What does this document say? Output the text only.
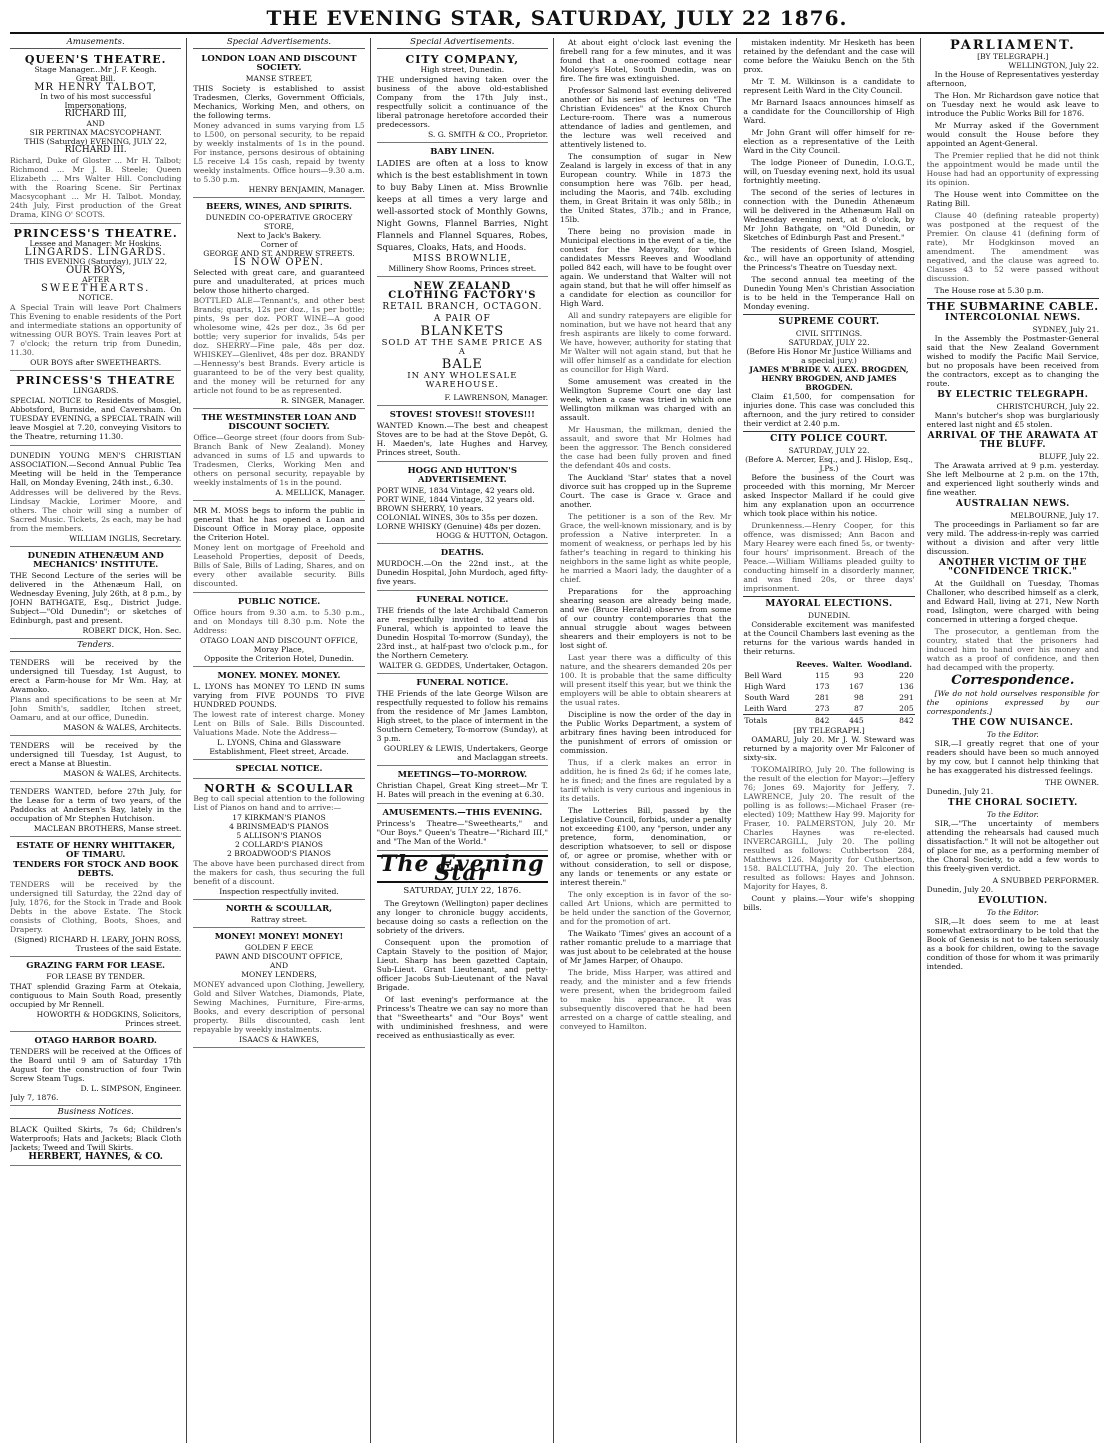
THE EVENING STAR, SATURDAY, JULY 22 1876.
Amusements.
QUEEN'S THEATRE.
Stage Manager...Mr J. F. Keogh.
Great Bill.
MR HENRY TALBOT,
In two of his most successful Impersonations,
RICHARD III,
AND
SIR PERTINAX MACSYCOPHANT.
THIS (Saturday) EVENING, JULY 22,
RICHARD III.

Richard, Duke of Gloster ... Mr H. Talbot; Richmond ... Mr J. B. Steele; Queen Elizabeth ... Mrs Walter Hill. Concluding with the Roaring Scene. Sir Pertinax Macsycophant ... Mr H. Talbot. Monday, 24th July, First production of the Great Drama, KING O' SCOTS.

PRINCESS'S THEATRE.
Lessee and Manager: Mr Hoskins.
LINGARDS. LINGARDS.
THIS EVENING (Saturday), JULY 22,
OUR BOYS,
AFTER
SWEETHEARTS.
NOTICE.

A Special Train will leave Port Chalmers This Evening to enable residents of the Port and intermediate stations an opportunity of witnessing OUR BOYS. Train leaves Port at 7 o'clock; the return trip from Dunedin, 11.30.

OUR BOYS after SWEETHEARTS.
PRINCESS'S THEATRE
LINGARDS.

SPECIAL NOTICE to Residents of Mosgiel, Abbotsford, Burnside, and Caversham. On TUESDAY EVENING, a SPECIAL TRAIN will leave Mosgiel at 7.20, conveying Visitors to the Theatre, returning 11.30.

DUNEDIN YOUNG MEN'S CHRISTIAN ASSOCIATION.—Second Annual Public Tea Meeting will be held in the Temperance Hall, on Monday Evening, 24th inst., 6.30.

Addresses will be delivered by the Revs. Lindsay Mackie, Lorimer Moore, and others. The choir will sing a number of Sacred Music. Tickets, 2s each, may be had from the members.

WILLIAM INGLIS, Secretary.
DUNEDIN ATHENÆUM AND MECHANICS' INSTITUTE.

THE Second Lecture of the series will be delivered in the Athenæum Hall, on Wednesday Evening, July 26th, at 8 p.m., by JOHN BATHGATE, Esq., District Judge. Subject—"Old Dunedin"; or sketches of Edinburgh, past and present.

ROBERT DICK, Hon. Sec.
Tenders.

TENDERS will be received by the undersigned till Tuesday, 1st August, to erect a Farm-house for Mr Wm. Hay, at Awamoko.

Plans and specifications to be seen at Mr John Smith's, saddler, Itchen street, Oamaru, and at our office, Dunedin.

MASON & WALES, Architects.

TENDERS will be received by the undersigned till Tuesday, 1st August, to erect a Manse at Bluestin.

MASON & WALES, Architects.

TENDERS WANTED, before 27th July, for the Lease for a term of two years, of the Paddocks at Andersen's Bay, lately in the occupation of Mr Stephen Hutchison.

MACLEAN BROTHERS, Manse street.
ESTATE OF HENRY WHITTAKER, OF TIMARU.
TENDERS FOR STOCK AND BOOK DEBTS.

TENDERS will be received by the undersigned till Saturday, the 22nd day of July, 1876, for the Stock in Trade and Book Debts in the above Estate. The Stock consists of Clothing, Boots, Shoes, and Drapery.

(Signed) RICHARD H. LEARY, JOHN ROSS, Trustees of the said Estate.
GRAZING FARM FOR LEASE.
FOR LEASE BY TENDER.

THAT splendid Grazing Farm at Otekaia, contiguous to Main South Road, presently occupied by Mr Rennell.

HOWORTH & HODGKINS, Solicitors, Princes street.
OTAGO HARBOR BOARD.

TENDERS will be received at the Offices of the Board until 9 am of Saturday 17th August for the construction of four Twin Screw Steam Tugs.

D. L. SIMPSON, Engineer.
July 7, 1876.
Business Notices.

BLACK Quilted Skirts, 7s 6d; Children's Waterproofs; Hats and Jackets; Black Cloth Jackets; Tweed and Twill Skirts.

HERBERT, HAYNES, & CO.
Special Advertisements.
LONDON LOAN AND DISCOUNT SOCIETY.
MANSE STREET,

THIS Society is established to assist Tradesmen, Clerks, Government Officials, Mechanics, Working Men, and others, on the following terms.

Money advanced in sums varying from L5 to L500, on personal security, to be repaid by weekly instalments of 1s in the pound. For instance, persons desirous of obtaining L5 receive L4 15s cash, repaid by twenty weekly instalments. Office hours—9.30 a.m. to 5.30 p.m.

HENRY BENJAMIN, Manager.
BEERS, WINES, AND SPIRITS.
DUNEDIN CO-OPERATIVE GROCERY STORE,
Next to Jack's Bakery.
Corner of
GEORGE AND ST. ANDREW STREETS.
IS NOW OPEN.

Selected with great care, and guaranteed pure and unadulterated, at prices much below those hitherto charged.

BOTTLED ALE—Tennant's, and other best Brands; quarts, 12s per doz., 1s per bottle; pints, 9s per doz. PORT WINE—A good wholesome wine, 42s per doz., 3s 6d per bottle; very superior for invalids, 54s per doz. SHERRY—Fine pale, 48s per doz. WHISKEY—Glenlivet, 48s per doz. BRANDY—Hennessy's best Brands. Every article is guaranteed to be of the very best quality, and the money will be returned for any article not found to be as represented.

R. SINGER, Manager.
THE WESTMINSTER LOAN AND DISCOUNT SOCIETY.

Office—George street (four doors from Sub-Branch Bank of New Zealand). Money advanced in sums of L5 and upwards to Tradesmen, Clerks, Working Men and others on personal security, repayable by weekly instalments of 1s in the pound.

A. MELLICK, Manager.

MR M. MOSS begs to inform the public in general that he has opened a Loan and Discount Office in Moray place, opposite the Criterion Hotel.

Money lent on mortgage of Freehold and Leasehold Properties, deposit of Deeds, Bills of Sale, Bills of Lading, Shares, and on every other available security. Bills discounted.

PUBLIC NOTICE.

Office hours from 9.30 a.m. to 5.30 p.m., and on Mondays till 8.30 p.m. Note the Address:

OTAGO LOAN AND DISCOUNT OFFICE,
Moray Place,
Opposite the Criterion Hotel, Dunedin.
MONEY. MONEY. MONEY.

L. LYONS has MONEY TO LEND IN sums varying from FIVE POUNDS TO FIVE HUNDRED POUNDS.

The lowest rate of interest charge. Money Lent on Bills of Sale. Bills Discounted. Valuations Made. Note the Address—

L. LYONS, China and Glassware Establishment, Fleet street, Arcade.
SPECIAL NOTICE.
NORTH & SCOULLAR

Beg to call special attention to the following List of Pianos on hand and to arrive:—

17 KIRKMAN'S PIANOS
4 BRINSMEAD'S PIANOS
5 ALLISON'S PIANOS
2 COLLARD'S PIANOS
2 BROADWOOD'S PIANOS

The above have been purchased direct from the makers for cash, thus securing the full benefit of a discount.

Inspection respectfully invited.
NORTH & SCOULLAR,
Rattray street.
MONEY! MONEY! MONEY!
GOLDEN F EECE
PAWN AND DISCOUNT OFFICE,
AND
MONEY LENDERS,

MONEY advanced upon Clothing, Jewellery, Gold and Silver Watches, Diamonds, Plate, Sewing Machines, Furniture, Fire-arms, Books, and every description of personal property. Bills discounted, cash lent repayable by weekly instalments.

ISAACS & HAWKES,
Special Advertisements.
CITY COMPANY,
High street, Dunedin.

THE undersigned having taken over the business of the above old-established Company from the 17th July inst., respectfully solicit a continuance of the liberal patronage heretofore accorded their predecessors.

S. G. SMITH & CO., Proprietor.
BABY LINEN.

LADIES are often at a loss to know which is the best establishment in town to buy Baby Linen at. Miss Brownlie keeps at all times a very large and well-assorted stock of Monthly Gowns, Night Gowns, Flannel Barries, Night Flannels and Flannel Squares, Robes, Squares, Cloaks, Hats, and Hoods.

MISS BROWNLIE,
Millinery Show Rooms, Princes street.
NEW ZEALAND CLOTHING FACTORY'S
RETAIL BRANCH, OCTAGON.
A PAIR OF
BLANKETS
SOLD AT THE SAME PRICE AS A
BALE
IN ANY WHOLESALE WAREHOUSE.
F. LAWRENSON, Manager.
STOVES! STOVES!! STOVES!!!

WANTED Known.—The best and cheapest Stoves are to be had at the Stove Depôt, G. H. Maeden's, late Hughes and Harvey, Princes street, South.

HOGG AND HUTTON'S ADVERTISEMENT.
PORT WINE, 1834 Vintage, 42 years old.
PORT WINE, 1844 Vintage, 32 years old.
BROWN SHERRY, 10 years.
COLONIAL WINES, 30s to 35s per dozen.
LORNE WHISKY (Genuine) 48s per dozen.
HOGG & HUTTON, Octagon.
DEATHS.

MURDOCH.—On the 22nd inst., at the Dunedin Hospital, John Murdoch, aged fifty-five years.

FUNERAL NOTICE.

THE friends of the late Archibald Cameron are respectfully invited to attend his Funeral, which is appointed to leave the Dunedin Hospital To-morrow (Sunday), the 23rd inst., at half-past two o'clock p.m., for the Northern Cemetery.

WALTER G. GEDDES, Undertaker, Octagon.
FUNERAL NOTICE.

THE Friends of the late George Wilson are respectfully requested to follow his remains from the residence of Mr James Lambton, High street, to the place of interment in the Southern Cemetery, To-morrow (Sunday), at 3 p.m.

GOURLEY & LEWIS, Undertakers, George and Maclaggan streets.
MEETINGS—TO-MORROW.

Christian Chapel, Great King street—Mr T. H. Bates will preach in the evening at 6.30.

AMUSEMENTS.—THIS EVENING.

Princess's Theatre—"Sweethearts," and "Our Boys." Queen's Theatre—"Richard III," and "The Man of the World."

The Evening Star
SATURDAY, JULY 22, 1876.

The Greytown (Wellington) paper declines any longer to chronicle buggy accidents, because doing so casts a reflection on the sobriety of the drivers.

Consequent upon the promotion of Captain Stavely to the position of Major, Lieut. Sharp has been gazetted Captain, Sub-Lieut. Grant Lieutenant, and petty-officer Jacobs Sub-Lieutenant of the Naval Brigade.

Of last evening's performance at the Princess's Theatre we can say no more than that "Sweethearts" and "Our Boys" went with undiminished freshness, and were received as enthusiastically as ever.

At about eight o'clock last evening the firebell rang for a few minutes, and it was found that a one-roomed cottage near Moloney's Hotel, South Dunedin, was on fire. The fire was extinguished.

Professor Salmond last evening delivered another of his series of lectures on "The Christian Evidences" at the Knox Church Lecture-room. There was a numerous attendance of ladies and gentlemen, and the lecture was well received and attentively listened to.

The consumption of sugar in New Zealand is largely in excess of that in any European country. While in 1873 the consumption here was 76lb. per head, including the Maoris, and 74lb. excluding them, in Great Britain it was only 58lb.; in the United States, 37lb.; and in France, 15lb.

There being no provision made in Municipal elections in the event of a tie, the contest for the Mayoralty, for which candidates Messrs Reeves and Woodland polled 842 each, will have to be fought over again. We understand that Walter will not again stand, but that he will offer himself as a candidate for election as councillor for High Ward.

All and sundry ratepayers are eligible for nomination, but we have not heard that any fresh aspirants are likely to come forward. We have, however, authority for stating that Mr Walter will not again stand, but that he will offer himself as a candidate for election as councillor for High Ward.

Some amusement was created in the Wellington Supreme Court one day last week, when a case was tried in which one Wellington milkman was charged with an assault.

Mr Hausman, the milkman, denied the assault, and swore that Mr Holmes had been the aggressor. The Bench considered the case had been fully proven and fined the defendant 40s and costs.

The Auckland 'Star' states that a novel divorce suit has cropped up in the Supreme Court. The case is Grace v. Grace and another.

The petitioner is a son of the Rev. Mr Grace, the well-known missionary, and is by profession a Native interpreter. In a moment of weakness, or perhaps led by his father's teaching in regard to thinking his neighbors in the same light as white people, he married a Maori lady, the daughter of a chief.

Preparations for the approaching shearing season are already being made, and we (Bruce Herald) observe from some of our country contemporaries that the annual struggle about wages between shearers and their employers is not to be lost sight of.

Last year there was a difficulty of this nature, and the shearers demanded 20s per 100. It is probable that the same difficulty will present itself this year, but we think the employers will be able to obtain shearers at the usual rates.

Discipline is now the order of the day in the Public Works Department, a system of arbitrary fines having been introduced for the punishment of errors of omission or commission.

Thus, if a clerk makes an error in addition, he is fined 2s 6d; if he comes late, he is fined; and the fines are regulated by a tariff which is very curious and ingenious in its details.

The Lotteries Bill, passed by the Legislative Council, forbids, under a penalty not exceeding £100, any "person, under any pretence, form, denomination, or description whatsoever, to sell or dispose of, or agree or promise, whether with or without consideration, to sell or dispose, any lands or tenements or any estate or interest therein."

The only exception is in favor of the so-called Art Unions, which are permitted to be held under the sanction of the Governor, and for the promotion of art.

The Waikato 'Times' gives an account of a rather romantic prelude to a marriage that was just about to be celebrated at the house of Mr James Harper, of Ohaupo.

The bride, Miss Harper, was attired and ready, and the minister and a few friends were present, when the bridegroom failed to make his appearance. It was subsequently discovered that he had been arrested on a charge of cattle stealing, and conveyed to Hamilton.

mistaken indentity. Mr Hesketh has been retained by the defendant and the case will come before the Waiuku Bench on the 5th prox.

Mr T. M. Wilkinson is a candidate to represent Leith Ward in the City Council.

Mr Barnard Isaacs announces himself as a candidate for the Councillorship of High Ward.

Mr John Grant will offer himself for re-election as a representative of the Leith Ward in the City Council.

The lodge Pioneer of Dunedin, I.O.G.T., will, on Tuesday evening next, hold its usual fortnightly meeting.

The second of the series of lectures in connection with the Dunedin Athenæum will be delivered in the Athenæum Hall on Wednesday evening next, at 8 o'clock, by Mr John Bathgate, on "Old Dunedin, or Sketches of Edinburgh Past and Present."

The residents of Green Island, Mosgiel, &c., will have an opportunity of attending the Princess's Theatre on Tuesday next.

The second annual tea meeting of the Dunedin Young Men's Christian Association is to be held in the Temperance Hall on Monday evening.

SUPREME COURT.
CIVIL SITTINGS.
SATURDAY, JULY 22.
(Before His Honor Mr Justice Williams and a special jury.)
JAMES M'BRIDE V. ALEX. BROGDEN, HENRY BROGDEN, AND JAMES BROGDEN.

Claim £1,500, for compensation for injuries done. This case was concluded this afternoon, and the jury retired to consider their verdict at 2.40 p.m.

CITY POLICE COURT.
SATURDAY, JULY 22.
(Before A. Mercer, Esq., and J. Hislop, Esq., J.Ps.)

Before the business of the Court was proceeded with this morning, Mr Mercer asked Inspector Mallard if he could give him any explanation upon an occurrence which took place within his notice.

Drunkenness.—Henry Cooper, for this offence, was dismissed; Ann Bacon and Mary Hearey were each fined 5s, or twenty-four hours' imprisonment. Breach of the Peace.—William Williams pleaded guilty to conducting himself in a disorderly manner, and was fined 20s, or three days' imprisonment.

MAYORAL ELECTIONS.
DUNEDIN.

Considerable excitement was manifested at the Council Chambers last evening as the returns for the various wards handed in their returns.

	Reeves.	Walter.	Woodland.
Bell Ward	115	93	220
High Ward	173	167	136
South Ward	281	98	291
Leith Ward	273	87	205
Totals	842	445	842
[BY TELEGRAPH.]

OAMARU, July 20. Mr J. W. Steward was returned by a majority over Mr Falconer of sixty-six.

TOKOMAIRIRO, July 20. The following is the result of the election for Mayor:—Jeffery 76; Jones 69. Majority for Jeffery, 7. LAWRENCE, July 20. The result of the polling is as follows:—Michael Fraser (re-elected) 109; Matthew Hay 99. Majority for Fraser, 10. PALMERSTON, July 20. Mr Charles Haynes was re-elected. INVERCARGILL, July 20. The polling resulted as follows: Cuthbertson 284, Matthews 126. Majority for Cuthbertson, 158. BALCLUTHA, July 20. The election resulted as follows: Hayes and Johnson. Majority for Hayes, 8.

Count y plains.—Your wife's shopping bills.

PARLIAMENT.
[BY TELEGRAPH.]
WELLINGTON, July 22.

In the House of Representatives yesterday afternoon,

The Hon. Mr Richardson gave notice that on Tuesday next he would ask leave to introduce the Public Works Bill for 1876.

Mr Murray asked if the Government would consult the House before they appointed an Agent-General.

The Premier replied that he did not think the appointment would be made until the House had had an opportunity of expressing its opinion.

The House went into Committee on the Rating Bill.

Clause 40 (defining rateable property) was postponed at the request of the Premier. On clause 41 (defining form of rate), Mr Hodgkinson moved an amendment. The amendment was negatived, and the clause was agreed to. Clauses 43 to 52 were passed without discussion.

The House rose at 5.30 p.m.

THE SUBMARINE CABLE.
INTERCOLONIAL NEWS.
SYDNEY, July 21.

In the Assembly the Postmaster-General said that the New Zealand Government wished to modify the Pacific Mail Service, but no proposals have been received from the contractors, except as to changing the route.

BY ELECTRIC TELEGRAPH.
CHRISTCHURCH, July 22.

Mann's butcher's shop was burglariously entered last night and £5 stolen.

ARRIVAL OF THE ARAWATA AT THE BLUFF.
BLUFF, July 22.

The Arawata arrived at 9 p.m. yesterday. She left Melbourne at 2 p.m. on the 17th, and experienced light southerly winds and fine weather.

AUSTRALIAN NEWS.
MELBOURNE, July 17.

The proceedings in Parliament so far are very mild. The address-in-reply was carried without a division and after very little discussion.

ANOTHER VICTIM OF THE "CONFIDENCE TRICK."

At the Guildhall on Tuesday, Thomas Challoner, who described himself as a clerk, and Edward Hall, living at 271, New North road, Islington, were charged with being concerned in uttering a forged cheque.

The prosecutor, a gentleman from the country, stated that the prisoners had induced him to hand over his money and watch as a proof of confidence, and then had decamped with the property.

Correspondence.

[We do not hold ourselves responsible for the opinions expressed by our correspondents.]

THE COW NUISANCE.
To the Editor.

SIR,—I greatly regret that one of your readers should have been so much annoyed by my cow, but I cannot help thinking that he has exaggerated his distressed feelings.

THE OWNER.
Dunedin, July 21.
THE CHORAL SOCIETY.
To the Editor.

SIR,—"The uncertainty of members attending the rehearsals had caused much dissatisfaction." It will not be altogether out of place for me, as a performing member of the Choral Society, to add a few words to this freely-given verdict.

A SNUBBED PERFORMER.
Dunedin, July 20.
EVOLUTION.
To the Editor.

SIR,—It does seem to me at least somewhat extraordinary to be told that the Book of Genesis is not to be taken seriously as a book for children, owing to the savage condition of those for whom it was primarily intended.
